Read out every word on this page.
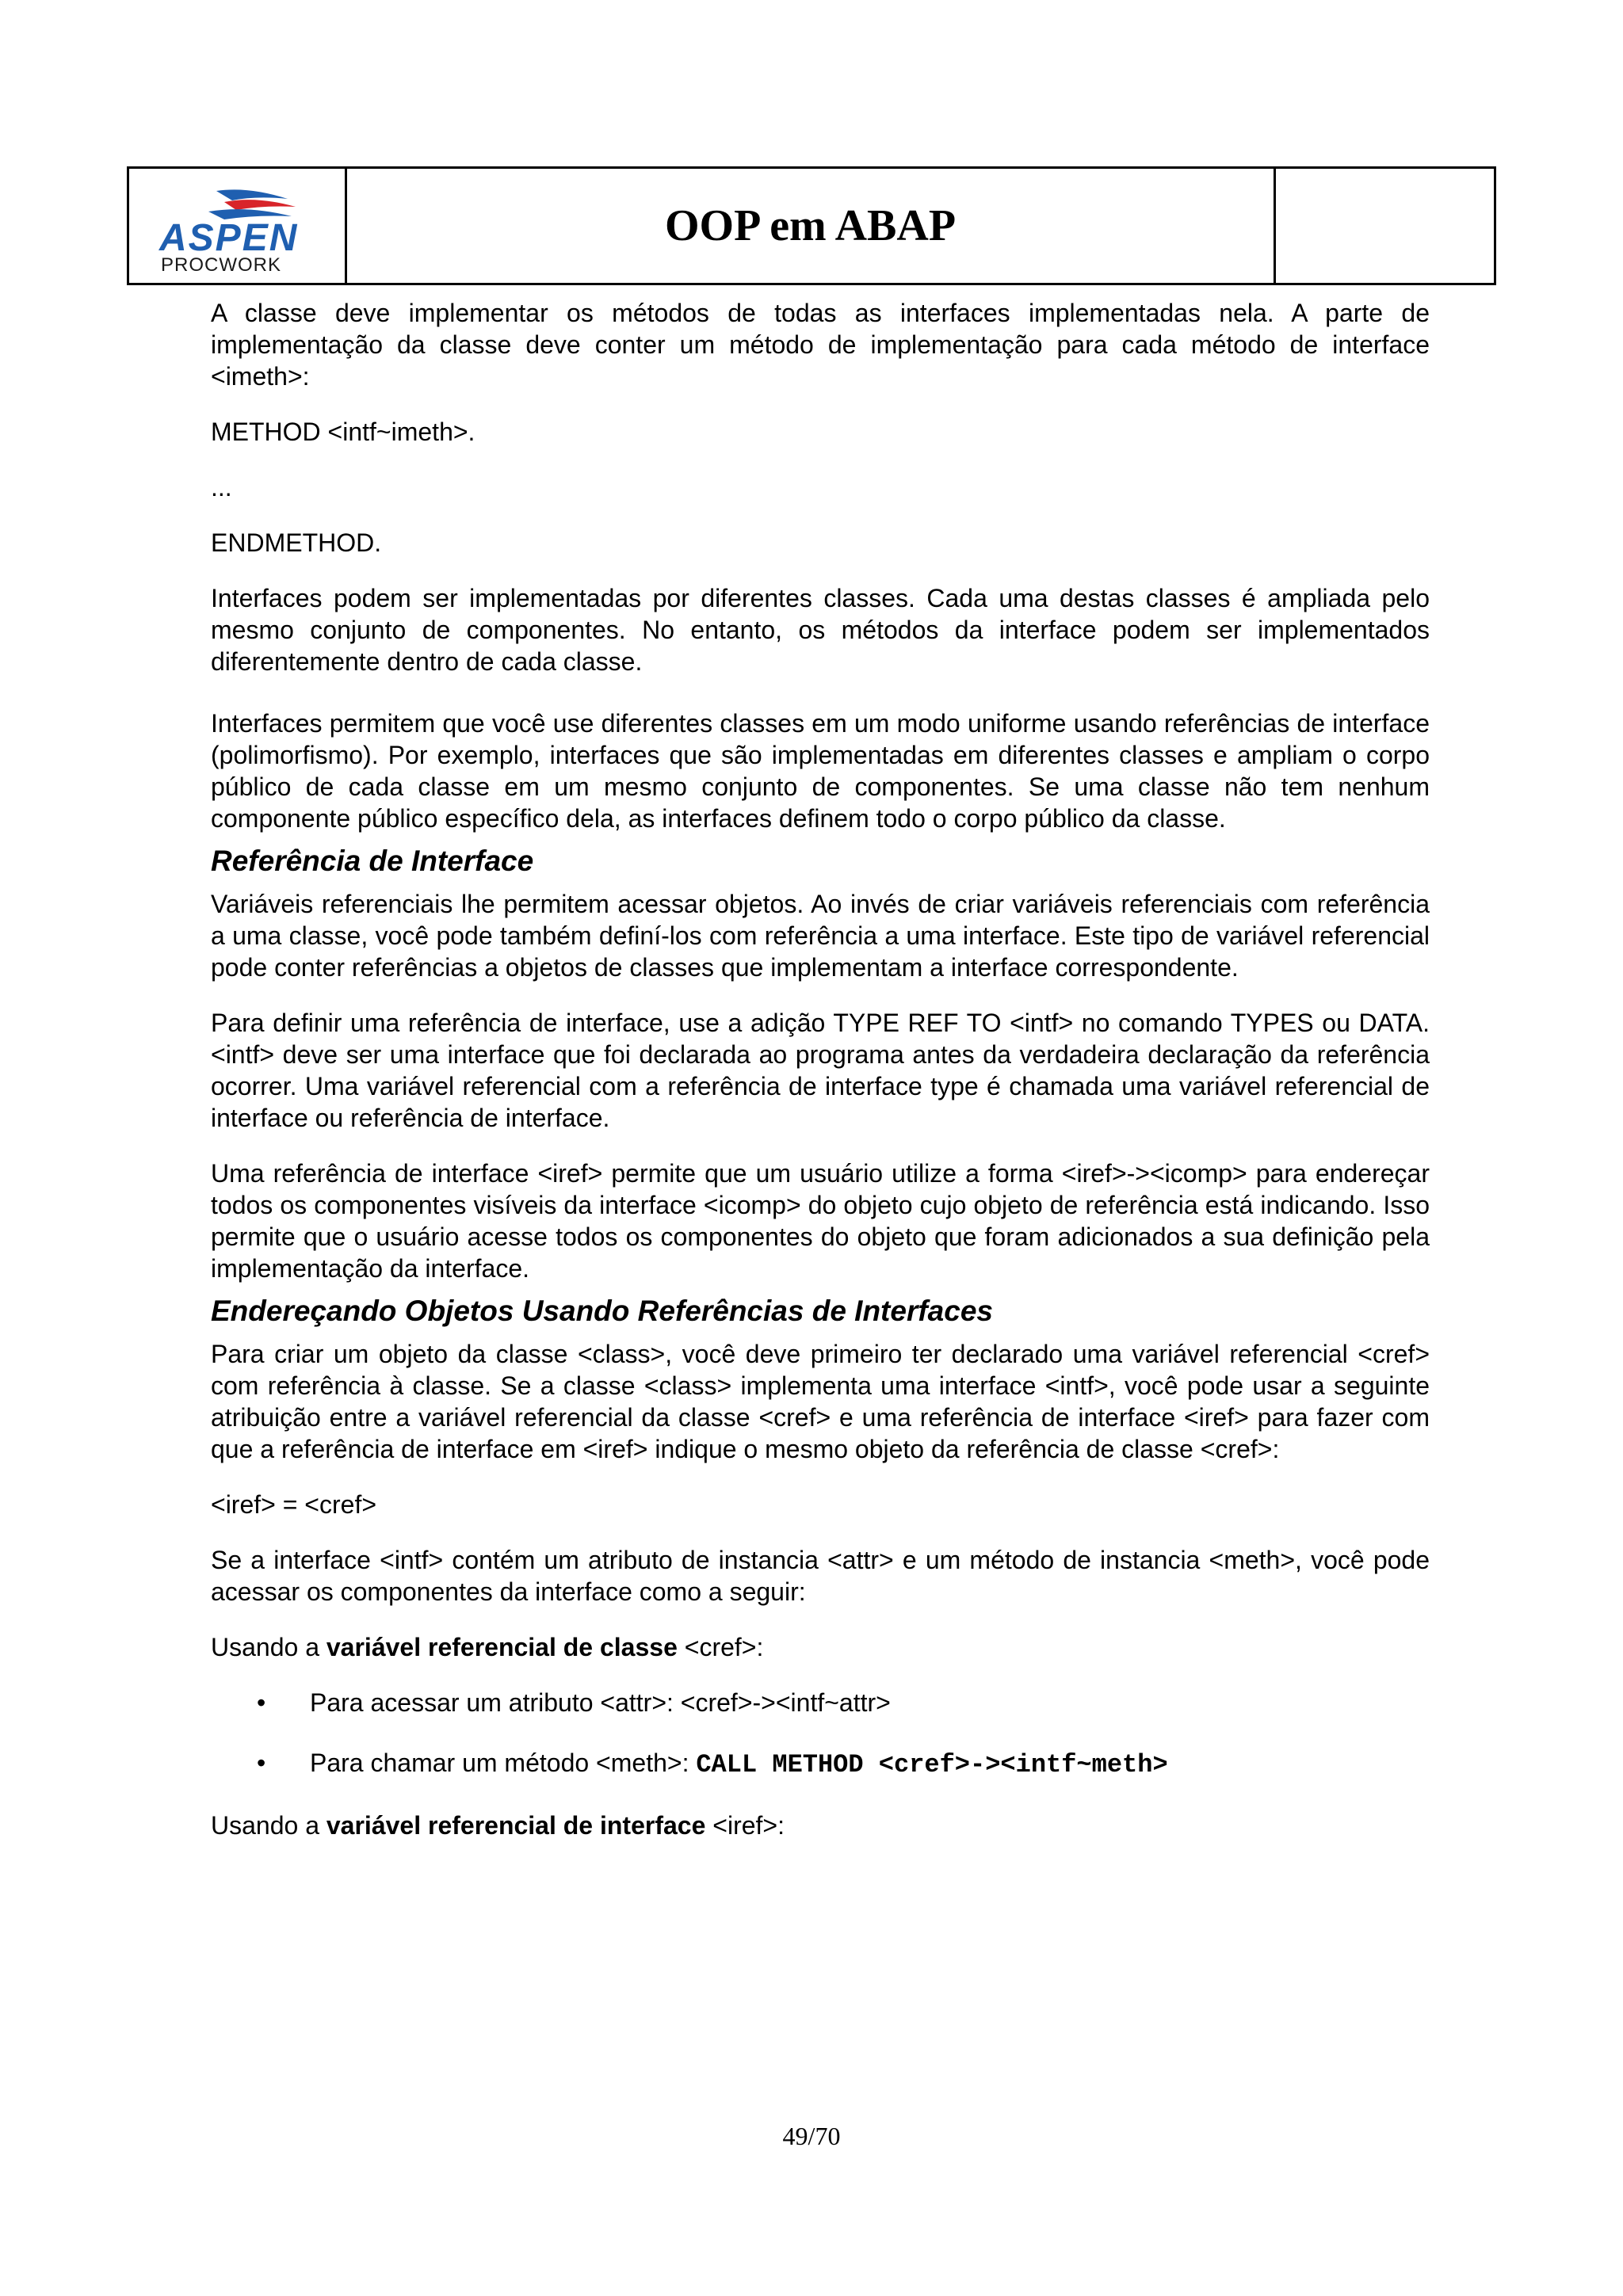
ASPEN
PROCWORK
OOP em ABAP

A classe deve implementar os métodos de todas as interfaces implementadas nela. A parte de implementação da classe deve conter um método de implementação para cada método de interface <imeth>:

METHOD <intf~imeth>.

...

ENDMETHOD.

Interfaces podem ser implementadas por diferentes classes. Cada uma destas classes é ampliada pelo mesmo conjunto de componentes. No entanto, os métodos da interface podem ser implementados diferentemente dentro de cada classe.

Interfaces permitem que você use diferentes classes em um modo uniforme usando referências de interface (polimorfismo). Por exemplo, interfaces que são implementadas em diferentes classes e ampliam o corpo público de cada classe em um mesmo conjunto de componentes. Se uma classe não tem nenhum componente público específico dela, as interfaces definem todo o corpo público da classe.

Referência de Interface

Variáveis referenciais lhe permitem acessar objetos. Ao invés de criar variáveis referenciais com referência a uma classe, você pode também definí-los com referência a uma interface. Este tipo de variável referencial pode conter referências a objetos de classes que implementam a interface correspondente.

Para definir uma referência de interface, use a adição TYPE REF TO <intf> no comando TYPES ou DATA. <intf> deve ser uma interface que foi declarada ao programa antes da verdadeira declaração da referência ocorrer. Uma variável referencial com a referência de interface type é chamada uma variável referencial de interface ou referência de interface.

Uma referência de interface <iref> permite que um usuário utilize a forma <iref>-><icomp> para endereçar todos os componentes visíveis da interface <icomp> do objeto cujo objeto de referência está indicando. Isso permite que o usuário acesse todos os componentes do objeto que foram adicionados a sua definição pela implementação da interface.

Endereçando Objetos Usando Referências de Interfaces

Para criar um objeto da classe <class>, você deve primeiro ter declarado uma variável referencial <cref> com referência à classe. Se a classe <class> implementa uma interface <intf>, você pode usar a seguinte atribuição entre a variável referencial da classe <cref> e uma referência de interface <iref> para fazer com que a referência de interface em <iref> indique o mesmo objeto da referência de classe <cref>:

<iref> = <cref>

Se a interface <intf> contém um atributo de instancia <attr> e um método de instancia <meth>, você pode acessar os componentes da interface como a seguir:

Usando a variável referencial de classe <cref>:

• Para acessar um atributo <attr>: <cref>-><intf~attr>
• Para chamar um método <meth>: CALL METHOD <cref>-><intf~meth>

Usando a variável referencial de interface <iref>:

49/70
